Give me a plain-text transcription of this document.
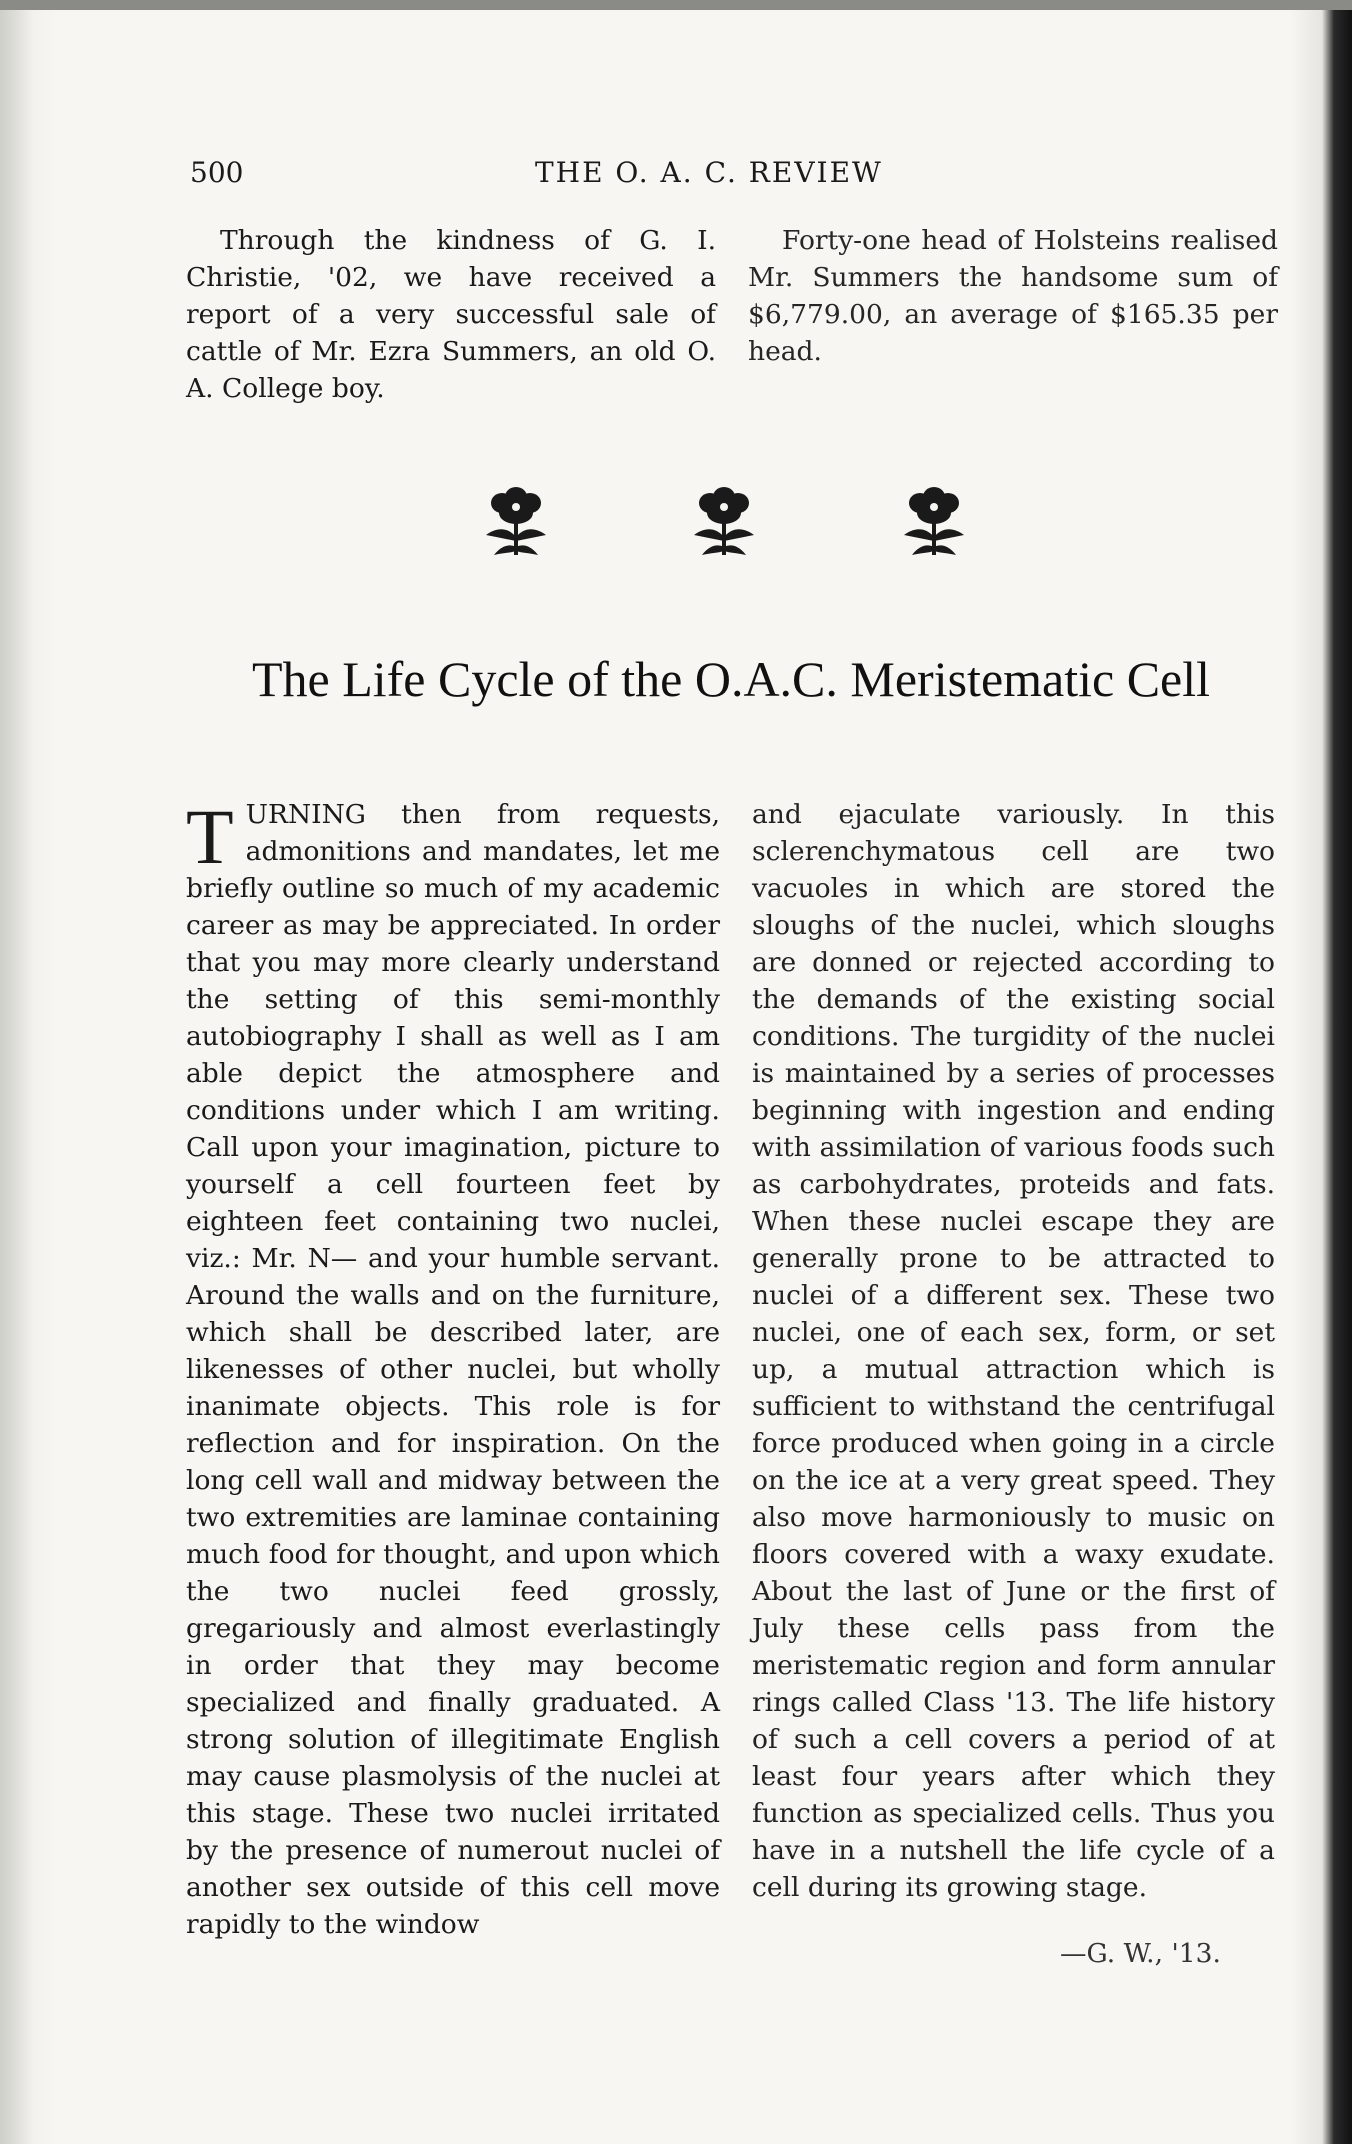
500	THE O. A. C. REVIEW

Through the kindness of G. I. Christie, '02, we have received a report of a very successful sale of cattle of Mr. Ezra Summers, an old O. A. College boy.

Forty-one head of Holsteins realised Mr. Summers the handsome sum of $6,779.00, an average of $165.35 per head.

The Life Cycle of the O.A.C. Meristematic Cell

TURNING then from requests, admonitions and mandates, let me briefly outline so much of my academic career as may be appreciated. In order that you may more clearly understand the setting of this semi-monthly autobiography I shall as well as I am able depict the atmosphere and conditions under which I am writing. Call upon your imagination, picture to yourself a cell fourteen feet by eighteen feet containing two nuclei, viz.: Mr. N— and your humble servant. Around the walls and on the furniture, which shall be described later, are likenesses of other nuclei, but wholly inanimate objects. This role is for reflection and for inspiration. On the long cell wall and midway between the two extremities are laminae containing much food for thought, and upon which the two nuclei feed grossly, gregariously and almost everlastingly in order that they may become specialized and finally graduated. A strong solution of illegitimate English may cause plasmolysis of the nuclei at this stage. These two nuclei irritated by the presence of numerout nuclei of another sex outside of this cell move rapidly to the window

and ejaculate variously. In this sclerenchymatous cell are two vacuoles in which are stored the sloughs of the nuclei, which sloughs are donned or rejected according to the demands of the existing social conditions. The turgidity of the nuclei is maintained by a series of processes beginning with ingestion and ending with assimilation of various foods such as carbohydrates, proteids and fats. When these nuclei escape they are generally prone to be attracted to nuclei of a different sex. These two nuclei, one of each sex, form, or set up, a mutual attraction which is sufficient to withstand the centrifugal force produced when going in a circle on the ice at a very great speed. They also move harmoniously to music on floors covered with a waxy exudate. About the last of June or the first of July these cells pass from the meristematic region and form annular rings called Class '13. The life history of such a cell covers a period of at least four years after which they function as specialized cells. Thus you have in a nutshell the life cycle of a cell during its growing stage.

—G. W., '13.
